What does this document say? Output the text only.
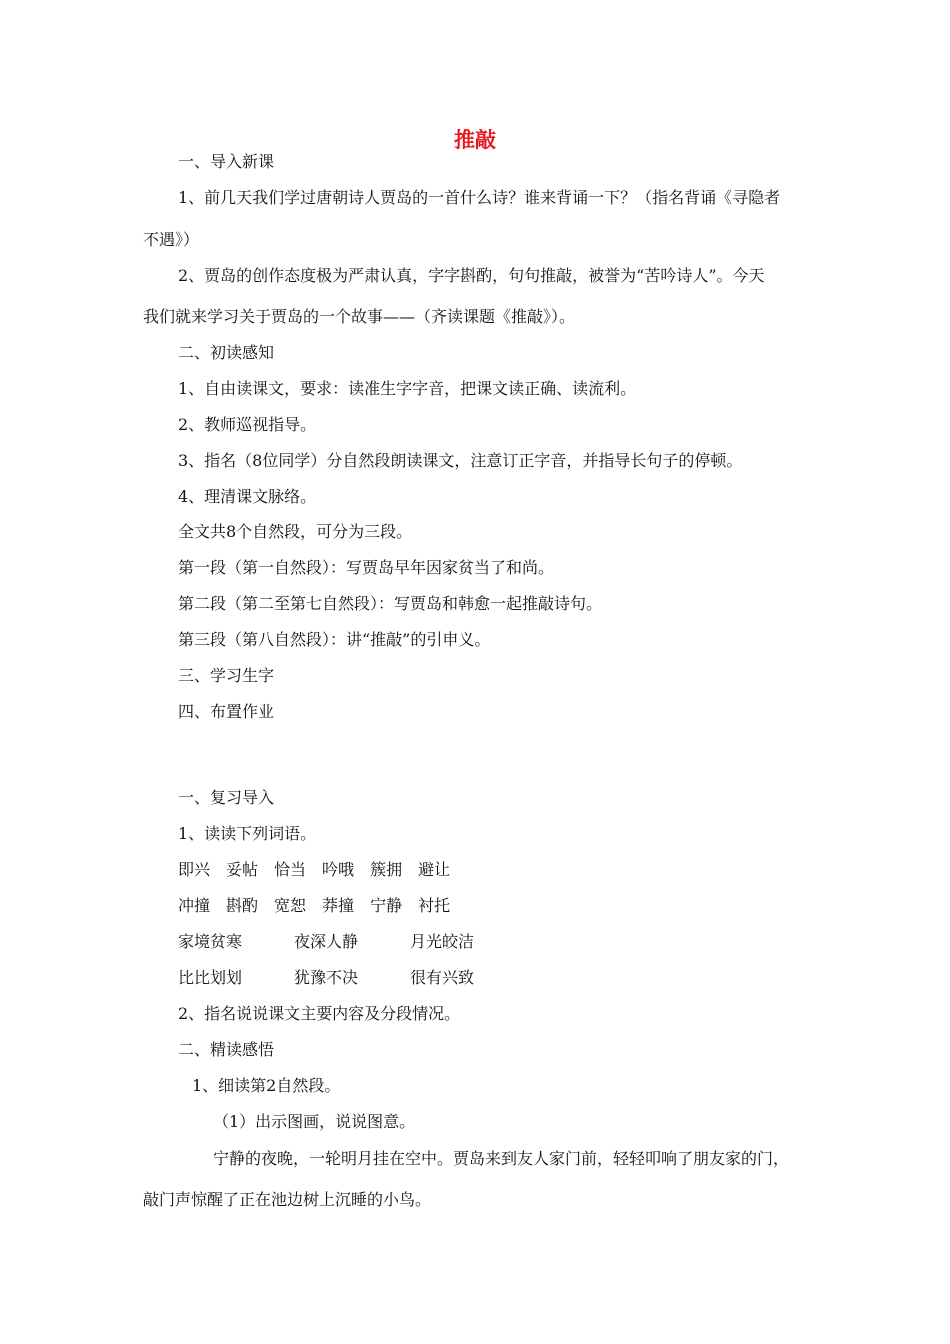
推敲
一、导入新课
1、前几天我们学过唐朝诗人贾岛的一首什么诗？谁来背诵一下？（指名背诵《寻隐者
不遇》）
2、贾岛的创作态度极为严肃认真，字字斟酌，句句推敲，被誉为“苦吟诗人”。今天
我们就来学习关于贾岛的一个故事——（齐读课题《推敲》）。
二、初读感知
1、自由读课文，要求：读准生字字音，把课文读正确、读流利。
2、教师巡视指导。
3、指名（8位同学）分自然段朗读课文，注意订正字音，并指导长句子的停顿。
4、理清课文脉络。
全文共8个自然段，可分为三段。
第一段（第一自然段）：写贾岛早年因家贫当了和尚。
第二段（第二至第七自然段）：写贾岛和韩愈一起推敲诗句。
第三段（第八自然段）：讲“推敲”的引申义。
三、学习生字
四、布置作业
一、复习导入
1、读读下列词语。
即兴 妥帖 恰当 吟哦 簇拥 避让
冲撞 斟酌 宽恕 莽撞 宁静 衬托
家境贫寒	夜深人静	月光皎洁
比比划划	犹豫不决	很有兴致
2、指名说说课文主要内容及分段情况。
二、精读感悟
1、细读第2自然段。
（1）出示图画，说说图意。
宁静的夜晚，一轮明月挂在空中。贾岛来到友人家门前，轻轻叩响了朋友家的门，
敲门声惊醒了正在池边树上沉睡的小鸟。
